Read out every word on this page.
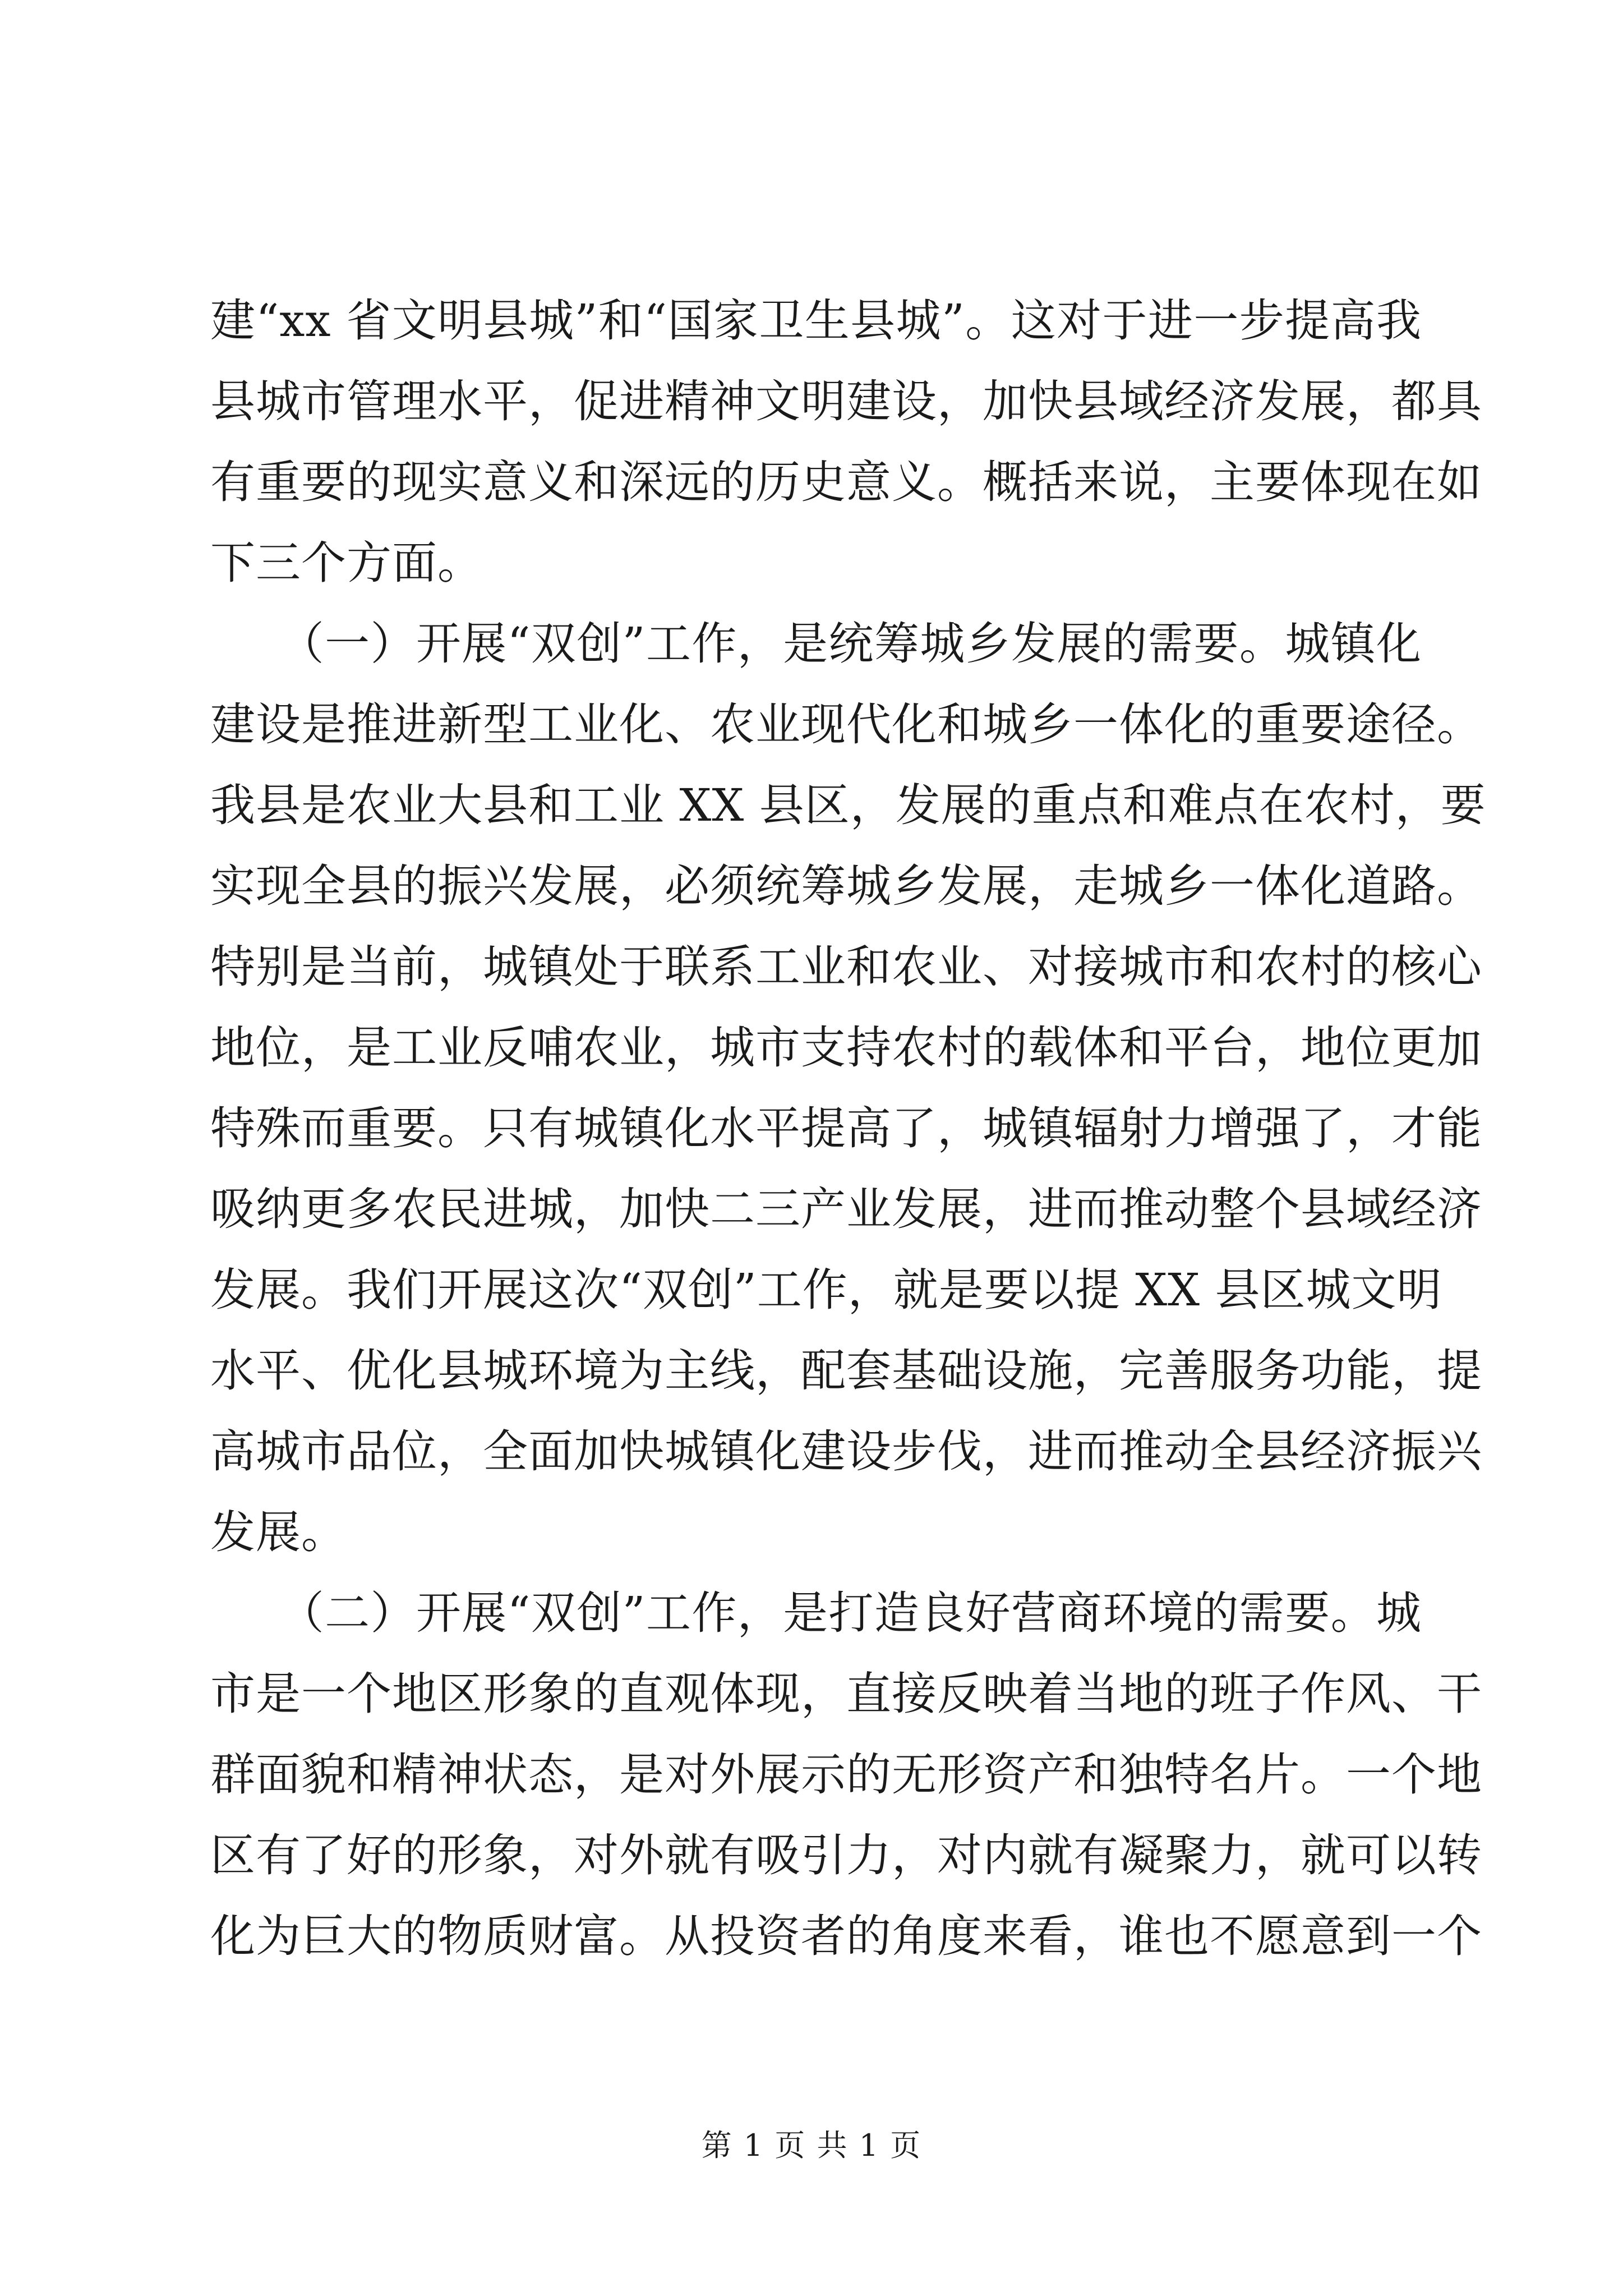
建“xx 省文明县城”和“国家卫生县城”。这对于进一步提高我
县城市管理水平，促进精神文明建设，加快县域经济发展，都具
有重要的现实意义和深远的历史意义。概括来说，主要体现在如
下三个方面。
　　（一）开展“双创”工作，是统筹城乡发展的需要。城镇化
建设是推进新型工业化、农业现代化和城乡一体化的重要途径。
我县是农业大县和工业 XX 县区，发展的重点和难点在农村，要
实现全县的振兴发展，必须统筹城乡发展，走城乡一体化道路。
特别是当前，城镇处于联系工业和农业、对接城市和农村的核心
地位，是工业反哺农业，城市支持农村的载体和平台，地位更加
特殊而重要。只有城镇化水平提高了，城镇辐射力增强了，才能
吸纳更多农民进城，加快二三产业发展，进而推动整个县域经济
发展。我们开展这次“双创”工作，就是要以提 XX 县区城文明
水平、优化县城环境为主线，配套基础设施，完善服务功能，提
高城市品位，全面加快城镇化建设步伐，进而推动全县经济振兴
发展。
　　（二）开展“双创”工作，是打造良好营商环境的需要。城
市是一个地区形象的直观体现，直接反映着当地的班子作风、干
群面貌和精神状态，是对外展示的无形资产和独特名片。一个地
区有了好的形象，对外就有吸引力，对内就有凝聚力，就可以转
化为巨大的物质财富。从投资者的角度来看，谁也不愿意到一个
第 1 页 共 1 页
